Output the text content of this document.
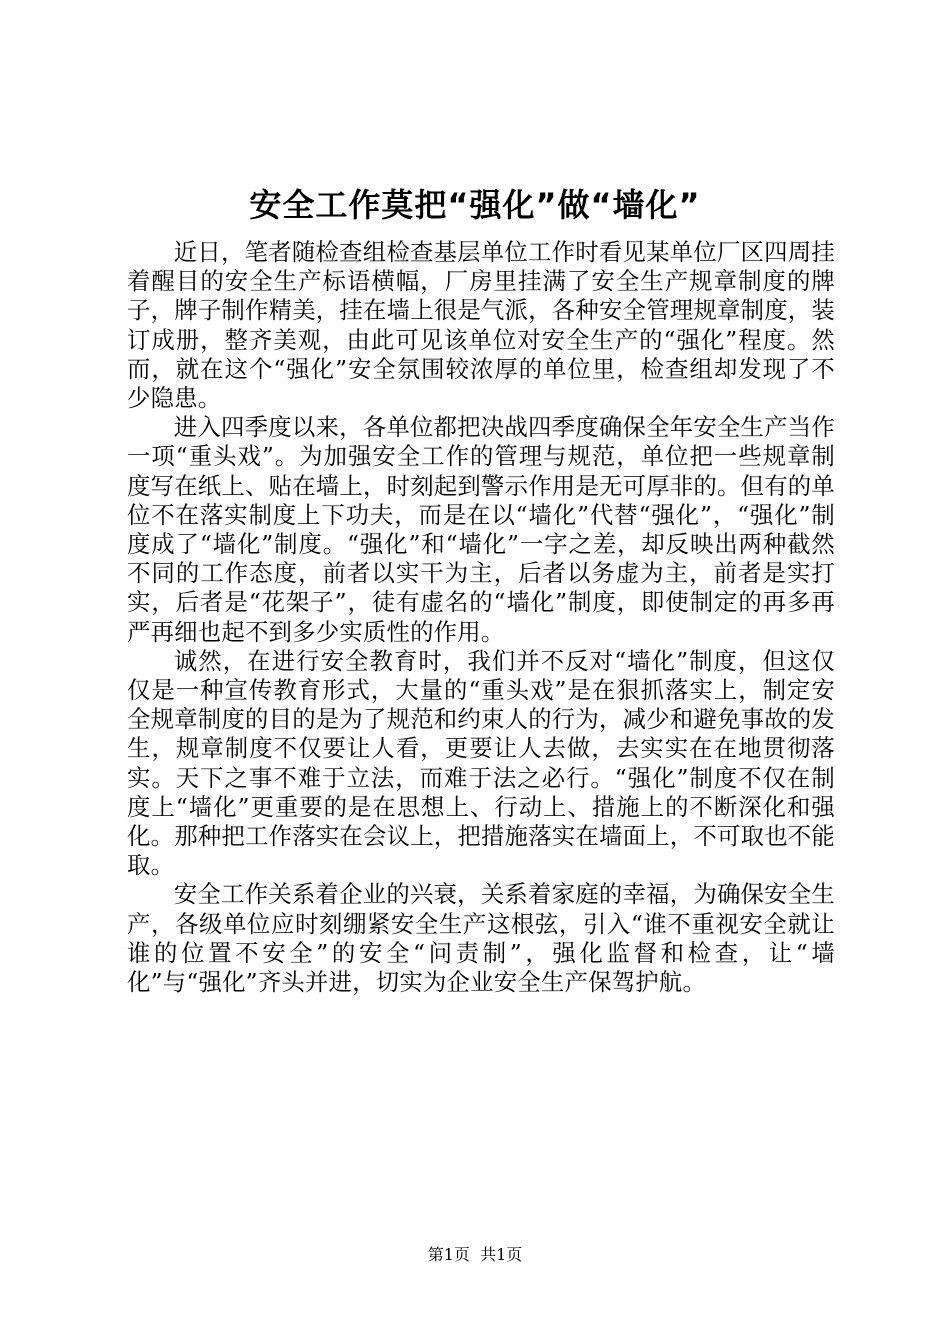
安全工作莫把“强化”做“墙化”

近日，笔者随检查组检查基层单位工作时看见某单位厂区四周挂着醒目的安全生产标语横幅，厂房里挂满了安全生产规章制度的牌子，牌子制作精美，挂在墙上很是气派，各种安全管理规章制度，装订成册，整齐美观，由此可见该单位对安全生产的“强化”程度。然而，就在这个“强化”安全氛围较浓厚的单位里，检查组却发现了不少隐患。

进入四季度以来，各单位都把决战四季度确保全年安全生产当作一项“重头戏”。为加强安全工作的管理与规范，单位把一些规章制度写在纸上、贴在墙上，时刻起到警示作用是无可厚非的。但有的单位不在落实制度上下功夫，而是在以“墙化”代替“强化”，“强化”制度成了“墙化”制度。“强化”和“墙化”一字之差，却反映出两种截然不同的工作态度，前者以实干为主，后者以务虚为主，前者是实打实，后者是“花架子”，徒有虚名的“墙化”制度，即使制定的再多再严再细也起不到多少实质性的作用。

诚然，在进行安全教育时，我们并不反对“墙化”制度，但这仅仅是一种宣传教育形式，大量的“重头戏”是在狠抓落实上，制定安全规章制度的目的是为了规范和约束人的行为，减少和避免事故的发生，规章制度不仅要让人看，更要让人去做，去实实在在地贯彻落实。天下之事不难于立法，而难于法之必行。“强化”制度不仅在制度上“墙化”更重要的是在思想上、行动上、措施上的不断深化和强化。那种把工作落实在会议上，把措施落实在墙面上，不可取也不能取。

安全工作关系着企业的兴衰，关系着家庭的幸福，为确保安全生产，各级单位应时刻绷紧安全生产这根弦，引入“谁不重视安全就让谁的位置不安全”的安全“问责制”，强化监督和检查，让“墙化”与“强化”齐头并进，切实为企业安全生产保驾护航。

第1页 共1页
